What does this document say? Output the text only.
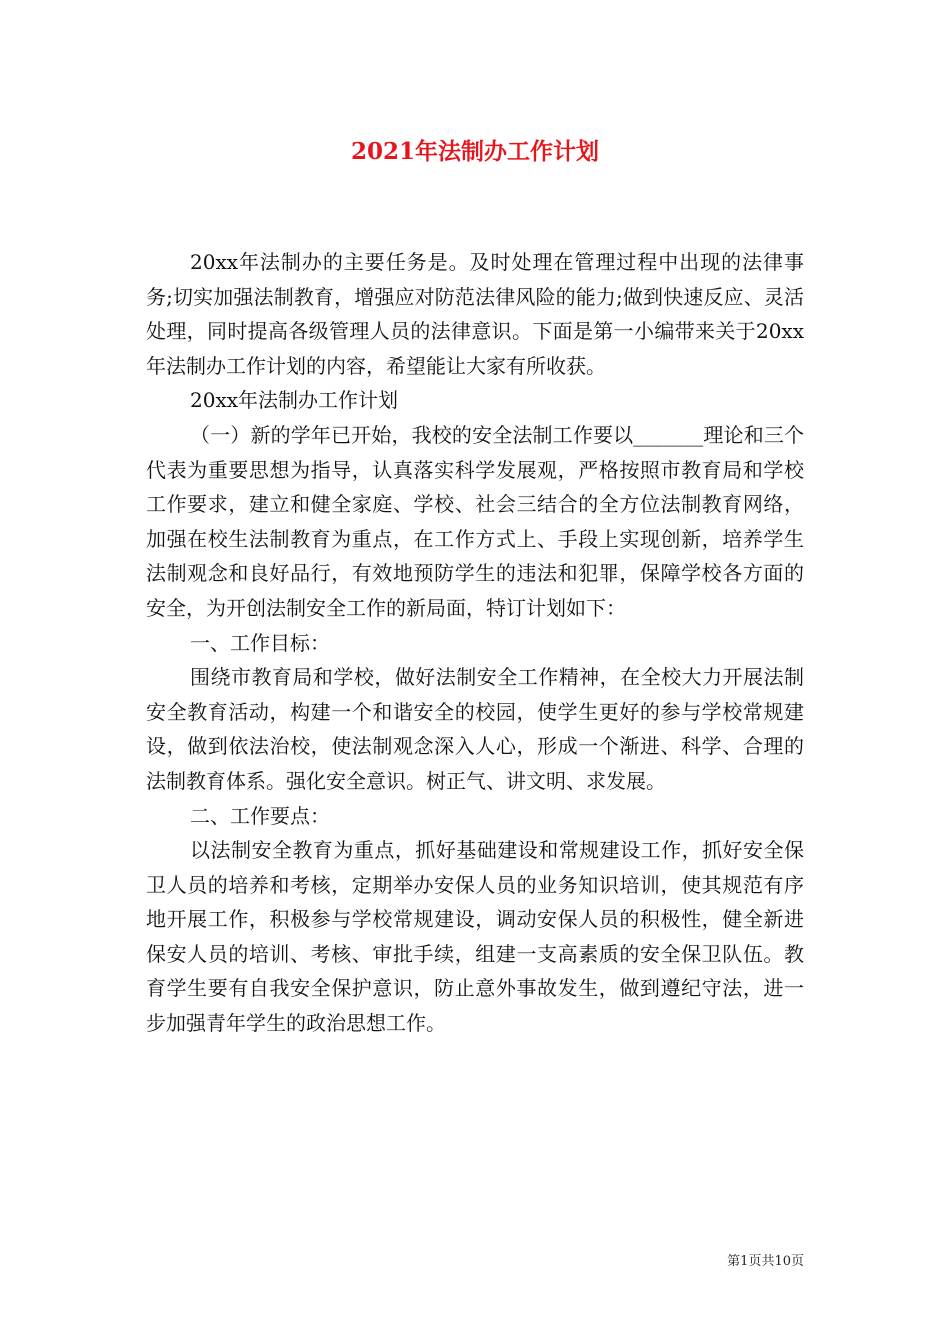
2021年法制办工作计划

20xx年法制办的主要任务是。及时处理在管理过程中出现的法律事务;切实加强法制教育，增强应对防范法律风险的能力;做到快速反应、灵活处理，同时提高各级管理人员的法律意识。下面是第一小编带来关于20xx年法制办工作计划的内容，希望能让大家有所收获。

20xx年法制办工作计划

（一）新的学年已开始，我校的安全法制工作要以_______理论和三个代表为重要思想为指导，认真落实科学发展观，严格按照市教育局和学校工作要求，建立和健全家庭、学校、社会三结合的全方位法制教育网络，加强在校生法制教育为重点，在工作方式上、手段上实现创新，培养学生法制观念和良好品行，有效地预防学生的违法和犯罪，保障学校各方面的安全，为开创法制安全工作的新局面，特订计划如下：

一、工作目标：

围绕市教育局和学校，做好法制安全工作精神，在全校大力开展法制安全教育活动，构建一个和谐安全的校园，使学生更好的参与学校常规建设，做到依法治校，使法制观念深入人心，形成一个渐进、科学、合理的法制教育体系。强化安全意识。树正气、讲文明、求发展。

二、工作要点：

以法制安全教育为重点，抓好基础建设和常规建设工作，抓好安全保卫人员的培养和考核，定期举办安保人员的业务知识培训，使其规范有序地开展工作，积极参与学校常规建设，调动安保人员的积极性，健全新进保安人员的培训、考核、审批手续，组建一支高素质的安全保卫队伍。教育学生要有自我安全保护意识，防止意外事故发生，做到遵纪守法，进一步加强青年学生的政治思想工作。

第1页共10页
